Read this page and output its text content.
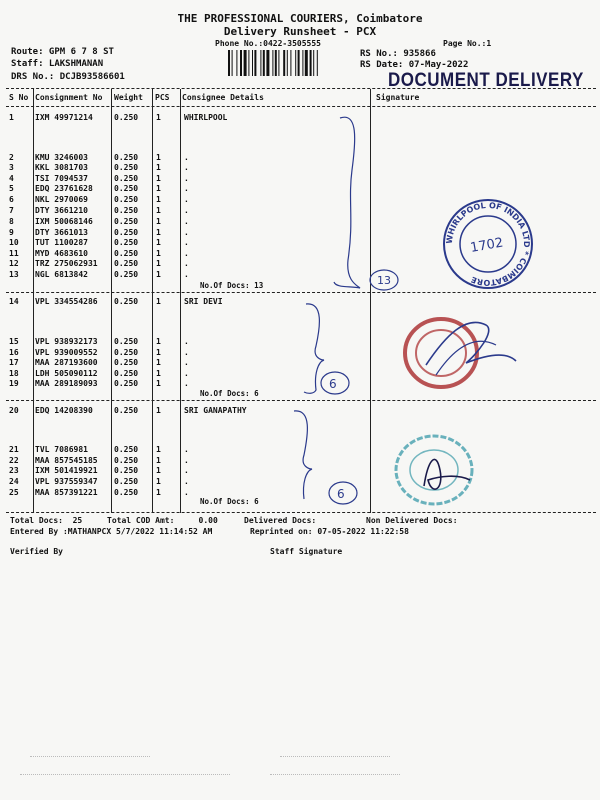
THE PROFESSIONAL COURIERS, Coimbatore
Delivery Runsheet - PCX
Phone No.:0422-3505555	Page No.:1
Route: GPM 6 7 8 ST
Staff: LAKSHMANAN
DRS No.: DCJB93586601
RS No.: 935866
RS Date: 07-May-2022
DOCUMENT DELIVERY
S No Consignment No Weight PCS Consignee Details	Signature
WHIRLPOOL
1	IXM 49971214	0.250 1
2	KMU 3246003	0.250 1	.
3	KKL 3081703	0.250 1	.
4	TSI 7094537	0.250 1	.
5	EDQ 23761628	0.250 1	.
6	NKL 2970069	0.250 1	.
7	DTY 3661210	0.250 1	.
8	IXM 50068146	0.250 1	.
9	DTY 3661013	0.250 1	.
10 TUT 1100287	0.250 1	.
11 MYD 4683610	0.250 1	.
12 TRZ 275062931 0.250 1	.
13 NGL 6813842	0.250 1	.
No.Of Docs: 13
SRI DEVI
14 VPL 334554286 0.250 1
15 VPL 938932173 0.250 1	.
16 VPL 939009552 0.250 1	.
17 MAA 287193600 0.250 1	.
18 LDH 505090112 0.250 1	.
19 MAA 289189093 0.250 1	.
No.Of Docs: 6
SRI GANAPATHY
20 EDQ 14208390	0.250 1
21 TVL 7086981	0.250 1	.
22 MAA 857545185 0.250 1	.
23 IXM 501419921 0.250 1	.
24 VPL 937559347 0.250 1	.
25 MAA 857391221 0.250 1	.
No.Of Docs: 6
13
6
6
WHIRLPOOL OF INDIA LTD * COIMBATORE
1702
Total Docs:  25	Total COD Amt:     0.00	Delivered Docs:	Non Delivered Docs:
Entered By :MATHANPCX 5/7/2022 11:14:52 AM	Reprinted on: 07-05-2022 11:22:58
Verified By	Staff Signature
